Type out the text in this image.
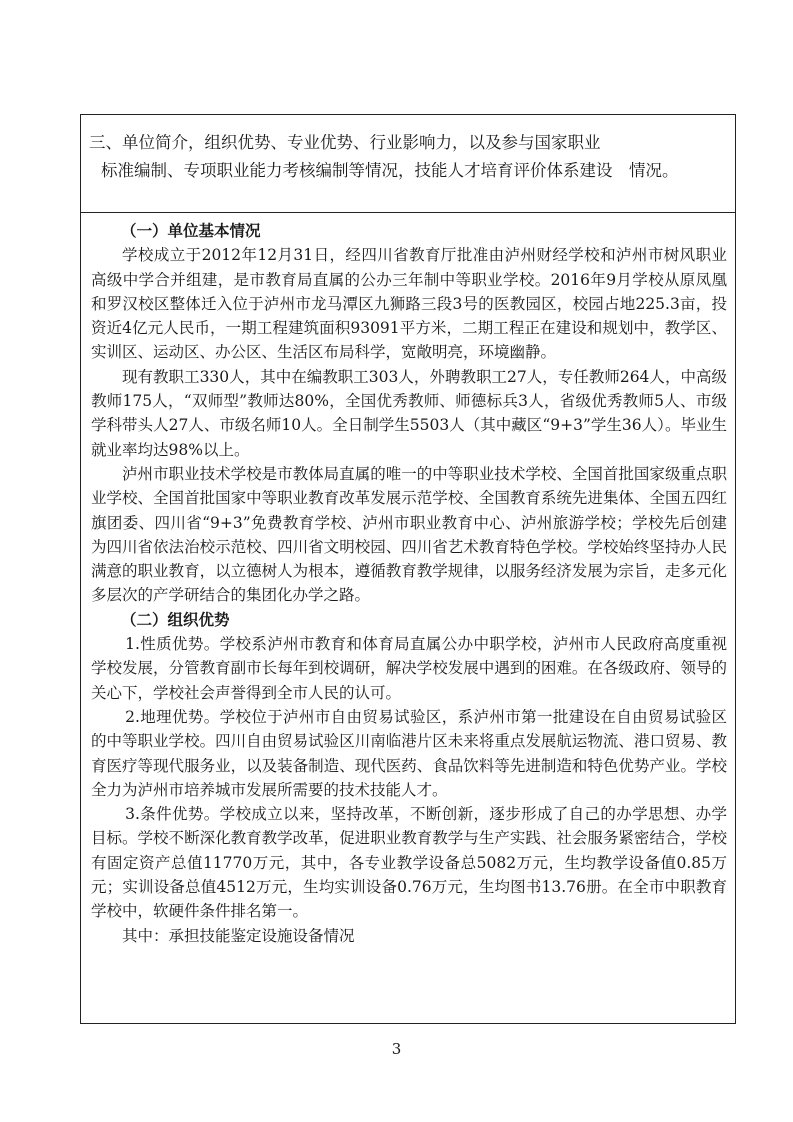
三、单位简介，组织优势、专业优势、行业影响力，以及参与国家职业
标准编制、专项职业能力考核编制等情况，技能人才培育评价体系建设　情况。
（一）单位基本情况

学校成立于2012年12月31日，经四川省教育厅批准由泸州财经学校和泸州市树风职业高级中学合并组建，是市教育局直属的公办三年制中等职业学校。2016年9月学校从原凤凰和罗汉校区整体迁入位于泸州市龙马潭区九狮路三段3号的医教园区，校园占地225.3亩，投资近4亿元人民币，一期工程建筑面积93091平方米，二期工程正在建设和规划中，教学区、实训区、运动区、办公区、生活区布局科学，宽敞明亮，环境幽静。

现有教职工330人，其中在编教职工303人，外聘教职工27人，专任教师264人，中高级教师175人，“双师型”教师达80%，全国优秀教师、师德标兵3人，省级优秀教师5人、市级学科带头人27人、市级名师10人。全日制学生5503人（其中藏区“9+3”学生36人）。毕业生就业率均达98%以上。

泸州市职业技术学校是市教体局直属的唯一的中等职业技术学校、全国首批国家级重点职业学校、全国首批国家中等职业教育改革发展示范学校、全国教育系统先进集体、全国五四红旗团委、四川省“9+3”免费教育学校、泸州市职业教育中心、泸州旅游学校；学校先后创建为四川省依法治校示范校、四川省文明校园、四川省艺术教育特色学校。学校始终坚持办人民满意的职业教育，以立德树人为根本，遵循教育教学规律，以服务经济发展为宗旨，走多元化多层次的产学研结合的集团化办学之路。

（二）组织优势

1.性质优势。学校系泸州市教育和体育局直属公办中职学校，泸州市人民政府高度重视学校发展，分管教育副市长每年到校调研，解决学校发展中遇到的困难。在各级政府、领导的关心下，学校社会声誉得到全市人民的认可。

2.地理优势。学校位于泸州市自由贸易试验区，系泸州市第一批建设在自由贸易试验区的中等职业学校。四川自由贸易试验区川南临港片区未来将重点发展航运物流、港口贸易、教育医疗等现代服务业，以及装备制造、现代医药、食品饮料等先进制造和特色优势产业。学校全力为泸州市培养城市发展所需要的技术技能人才。

3.条件优势。学校成立以来，坚持改革，不断创新，逐步形成了自己的办学思想、办学目标。学校不断深化教育教学改革，促进职业教育教学与生产实践、社会服务紧密结合，学校有固定资产总值11770万元，其中，各专业教学设备总5082万元，生均教学设备值0.85万元；实训设备总值4512万元，生均实训设备0.76万元，生均图书13.76册。在全市中职教育学校中，软硬件条件排名第一。

其中：承担技能鉴定设施设备情况

3
